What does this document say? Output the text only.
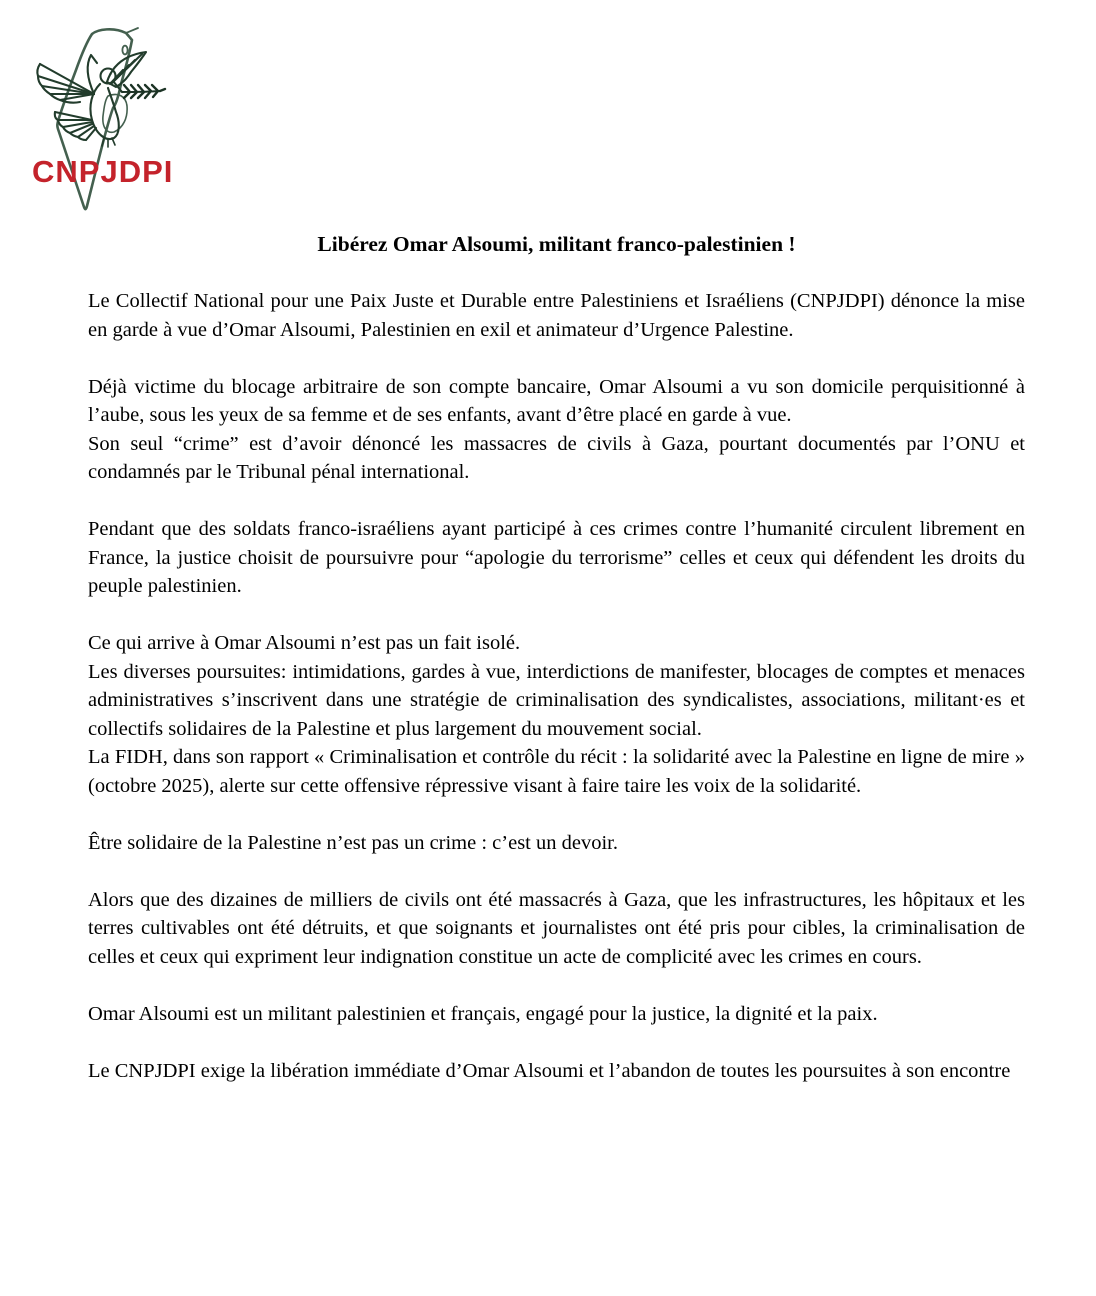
CNPJDPI
Libérez Omar Alsoumi, militant franco-palestinien !

Le Collectif National pour une Paix Juste et Durable entre Palestiniens et Israéliens (CNPJDPI) dénonce la mise en garde à vue d’Omar Alsoumi, Palestinien en exil et animateur d’Urgence Palestine.

Déjà victime du blocage arbitraire de son compte bancaire, Omar Alsoumi a vu son domicile perquisitionné à l’aube, sous les yeux de sa femme et de ses enfants, avant d’être placé en garde à vue.

Son seul “crime” est d’avoir dénoncé les massacres de civils à Gaza, pourtant documentés par l’ONU et condamnés par le Tribunal pénal international.

Pendant que des soldats franco-israéliens ayant participé à ces crimes contre l’humanité circulent librement en France, la justice choisit de poursuivre pour “apologie du terrorisme” celles et ceux qui défendent les droits du peuple palestinien.

Ce qui arrive à Omar Alsoumi n’est pas un fait isolé.

Les diverses poursuites: intimidations, gardes à vue, interdictions de manifester, blocages de comptes et menaces administratives s’inscrivent dans une stratégie de criminalisation des syndicalistes, associations, militant·es et collectifs solidaires de la Palestine et plus largement du mouvement social.

La FIDH, dans son rapport « Criminalisation et contrôle du récit : la solidarité avec la Palestine en ligne de mire » (octobre 2025), alerte sur cette offensive répressive visant à faire taire les voix de la solidarité.

Être solidaire de la Palestine n’est pas un crime : c’est un devoir.

Alors que des dizaines de milliers de civils ont été massacrés à Gaza, que les infrastructures, les hôpitaux et les terres cultivables ont été détruits, et que soignants et journalistes ont été pris pour cibles, la criminalisation de celles et ceux qui expriment leur indignation constitue un acte de complicité avec les crimes en cours.

Omar Alsoumi est un militant palestinien et français, engagé pour la justice, la dignité et la paix.

Le CNPJDPI exige la libération immédiate d’Omar Alsoumi et l’abandon de toutes les poursuites à son encontre
